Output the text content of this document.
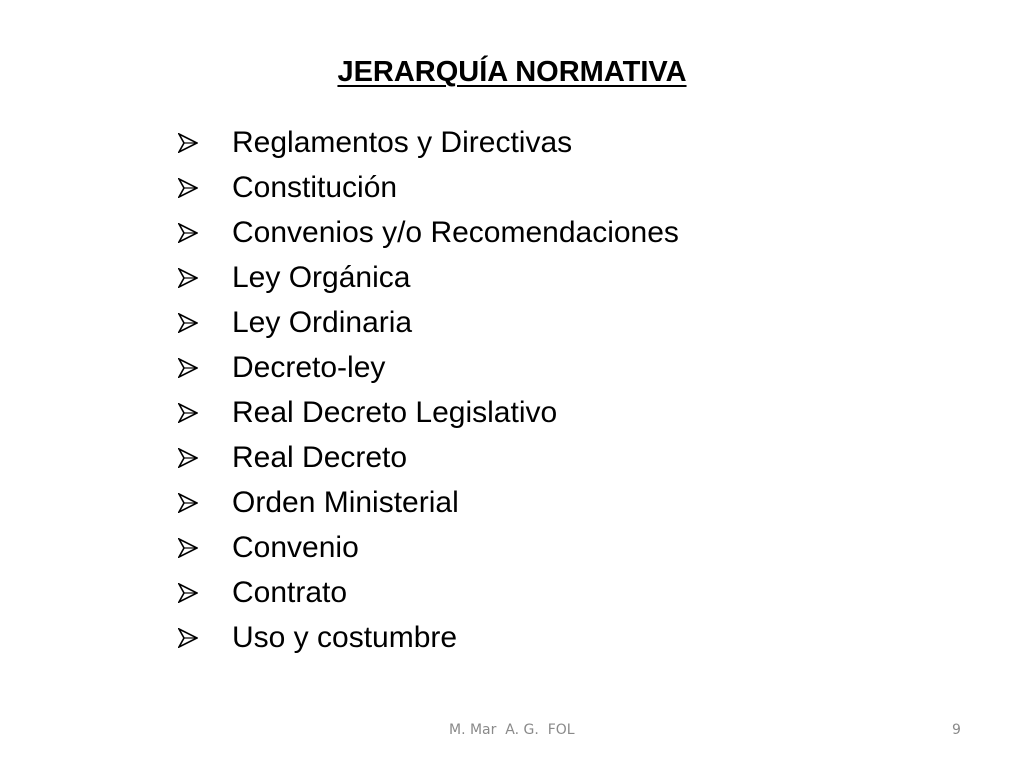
JERARQUÍA NORMATIVA
Reglamentos y Directivas
Constitución
Convenios y/o Recomendaciones
Ley Orgánica
Ley Ordinaria
Decreto-ley
Real Decreto Legislativo
Real Decreto
Orden Ministerial
Convenio
Contrato
Uso y costumbre
M. Mar  A. G.  FOL	9
